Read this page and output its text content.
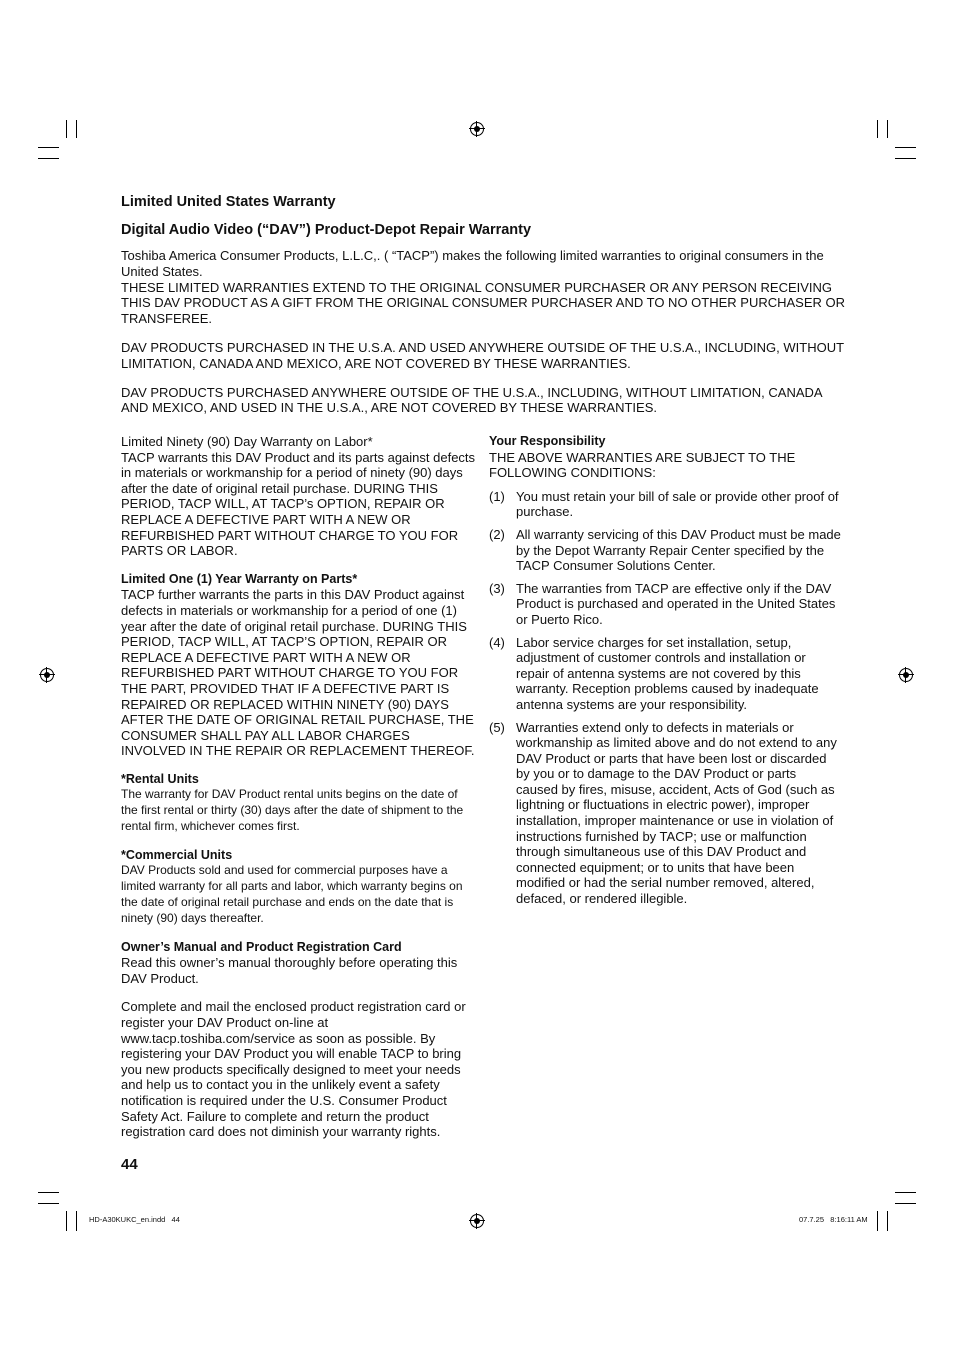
Limited United States Warranty
Digital Audio Video (“DAV”) Product-Depot Repair Warranty

Toshiba America Consumer Products, L.L.C,. ( “TACP”) makes the following limited warranties to original consumers in the United States.

THESE LIMITED WARRANTIES EXTEND TO THE ORIGINAL CONSUMER PURCHASER OR ANY PERSON RECEIVING THIS DAV PRODUCT AS A GIFT FROM THE ORIGINAL CONSUMER PURCHASER AND TO NO OTHER PURCHASER OR TRANSFEREE.

DAV PRODUCTS PURCHASED IN THE U.S.A. AND USED ANYWHERE OUTSIDE OF THE U.S.A., INCLUDING, WITHOUT LIMITATION, CANADA AND MEXICO, ARE NOT COVERED BY THESE WARRANTIES.

DAV PRODUCTS PURCHASED ANYWHERE OUTSIDE OF THE U.S.A., INCLUDING, WITHOUT LIMITATION, CANADA AND MEXICO, AND USED IN THE U.S.A., ARE NOT COVERED BY THESE WARRANTIES.

Limited Ninety (90) Day Warranty on Labor*

TACP warrants this DAV Product and its parts against defects in materials or workmanship for a period of ninety (90) days after the date of original retail purchase. DURING THIS PERIOD, TACP WILL, AT TACP’s OPTION, REPAIR OR REPLACE A DEFECTIVE PART WITH A NEW OR REFURBISHED PART WITHOUT CHARGE TO YOU FOR PARTS OR LABOR.

Limited One (1) Year Warranty on Parts*

TACP further warrants the parts in this DAV Product against defects in materials or workmanship for a period of one (1) year after the date of original retail purchase. DURING THIS PERIOD, TACP WILL, AT TACP’S OPTION, REPAIR OR REPLACE A DEFECTIVE PART WITH A NEW OR REFURBISHED PART WITHOUT CHARGE TO YOU FOR THE PART, PROVIDED THAT IF A DEFECTIVE PART IS REPAIRED OR REPLACED WITHIN NINETY (90) DAYS AFTER THE DATE OF ORIGINAL RETAIL PURCHASE, THE CONSUMER SHALL PAY ALL LABOR CHARGES INVOLVED IN THE REPAIR OR REPLACEMENT THEREOF.

*Rental Units

The warranty for DAV Product rental units begins on the date of the first rental or thirty (30) days after the date of shipment to the rental firm, whichever comes first.

*Commercial Units

DAV Products sold and used for commercial purposes have a limited warranty for all parts and labor, which warranty begins on the date of original retail purchase and ends on the date that is ninety (90) days thereafter.

Owner’s Manual and Product Registration Card

Read this owner’s manual thoroughly before operating this DAV Product.

Complete and mail the enclosed product registration card or register your DAV Product on-line at www.tacp.toshiba.com/service as soon as possible. By registering your DAV Product you will enable TACP to bring you new products specifically designed to meet your needs and help us to contact you in the unlikely event a safety notification is required under the U.S. Consumer Product Safety Act. Failure to complete and return the product registration card does not diminish your warranty rights.

Your Responsibility

THE ABOVE WARRANTIES ARE SUBJECT TO THE FOLLOWING CONDITIONS:

(1) You must retain your bill of sale or provide other proof of purchase.
(2) All warranty servicing of this DAV Product must be made by the Depot Warranty Repair Center specified by the TACP Consumer Solutions Center.
(3) The warranties from TACP are effective only if the DAV Product is purchased and operated in the United States or Puerto Rico.
(4) Labor service charges for set installation, setup, adjustment of customer controls and installation or repair of antenna systems are not covered by this warranty. Reception problems caused by inadequate antenna systems are your responsibility.
(5) Warranties extend only to defects in materials or workmanship as limited above and do not extend to any DAV Product or parts that have been lost or discarded by you or to damage to the DAV Product or parts caused by fires, misuse, accident, Acts of God (such as lightning or fluctuations in electric power), improper installation, improper maintenance or use in violation of instructions furnished by TACP; use or malfunction through simultaneous use of this DAV Product and connected equipment; or to units that have been modified or had the serial number removed, altered, defaced, or rendered illegible.
44
HD-A30KUKC_en.indd   44	07.7.25   8:16:11 AM
